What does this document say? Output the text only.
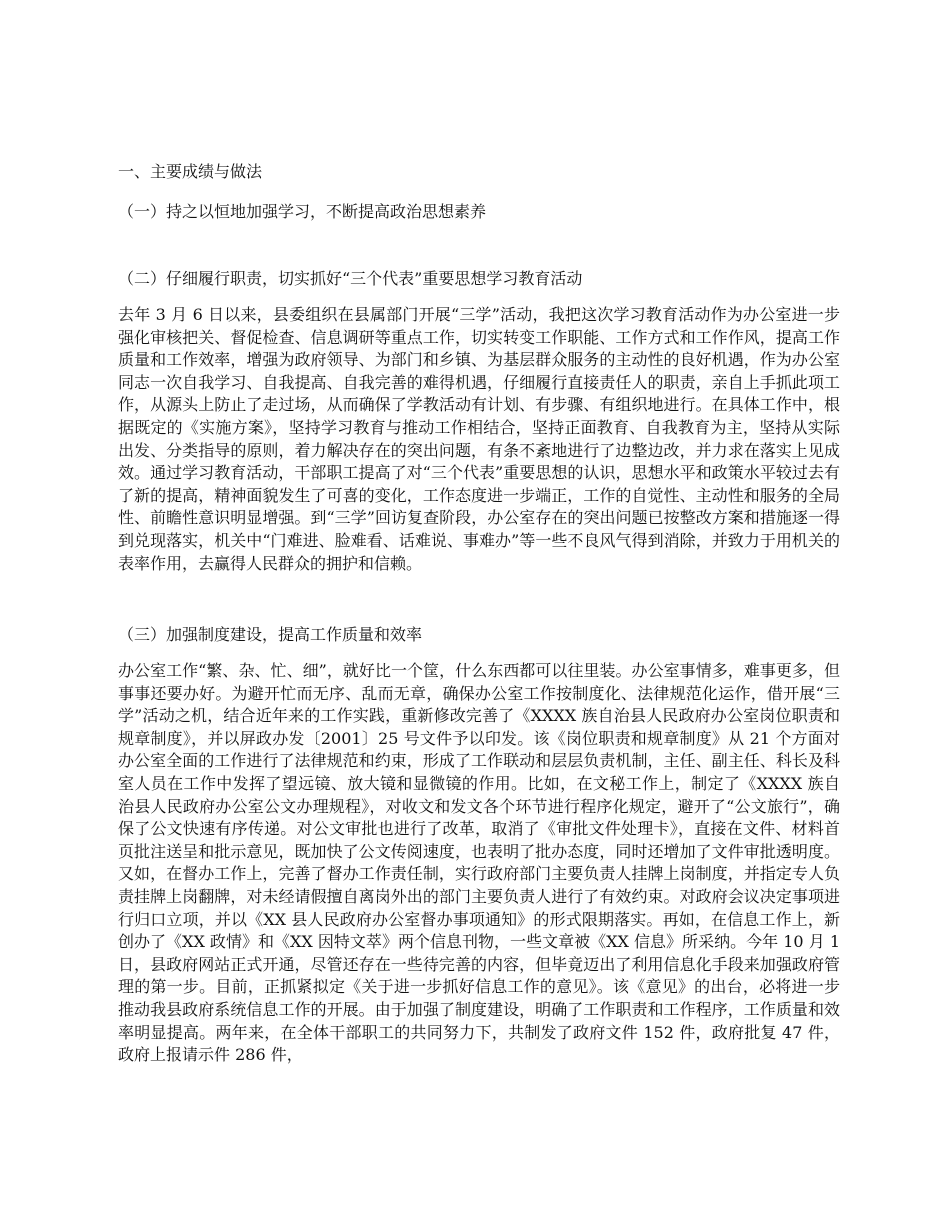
一、主要成绩与做法
（一）持之以恒地加强学习，不断提高政治思想素养
（二）仔细履行职责，切实抓好“三个代表”重要思想学习教育活动

去年 3 月 6 日以来，县委组织在县属部门开展“三学”活动，我把这次学习教育活动作为办公室进一步强化审核把关、督促检查、信息调研等重点工作，切实转变工作职能、工作方式和工作作风，提高工作质量和工作效率，增强为政府领导、为部门和乡镇、为基层群众服务的主动性的良好机遇，作为办公室同志一次自我学习、自我提高、自我完善的难得机遇，仔细履行直接责任人的职责，亲自上手抓此项工作，从源头上防止了走过场，从而确保了学教活动有计划、有步骤、有组织地进行。在具体工作中，根据既定的《实施方案》，坚持学习教育与推动工作相结合，坚持正面教育、自我教育为主，坚持从实际出发、分类指导的原则，着力解决存在的突出问题，有条不紊地进行了边整边改，并力求在落实上见成效。通过学习教育活动，干部职工提高了对“三个代表”重要思想的认识，思想水平和政策水平较过去有了新的提高，精神面貌发生了可喜的变化，工作态度进一步端正，工作的自觉性、主动性和服务的全局性、前瞻性意识明显增强。到“三学”回访复查阶段，办公室存在的突出问题已按整改方案和措施逐一得到兑现落实，机关中“门难进、脸难看、话难说、事难办”等一些不良风气得到消除，并致力于用机关的表率作用，去赢得人民群众的拥护和信赖。

（三）加强制度建设，提高工作质量和效率

办公室工作“繁、杂、忙、细”，就好比一个筐，什么东西都可以往里装。办公室事情多，难事更多，但事事还要办好。为避开忙而无序、乱而无章，确保办公室工作按制度化、法律规范化运作，借开展“三学”活动之机，结合近年来的工作实践，重新修改完善了《XXXX 族自治县人民政府办公室岗位职责和规章制度》，并以屏政办发〔2001〕25 号文件予以印发。该《岗位职责和规章制度》从 21 个方面对办公室全面的工作进行了法律规范和约束，形成了工作联动和层层负责机制，主任、副主任、科长及科室人员在工作中发挥了望远镜、放大镜和显微镜的作用。比如，在文秘工作上，制定了《XXXX 族自治县人民政府办公室公文办理规程》，对收文和发文各个环节进行程序化规定，避开了“公文旅行”，确保了公文快速有序传递。对公文审批也进行了改革，取消了《审批文件处理卡》，直接在文件、材料首页批注送呈和批示意见，既加快了公文传阅速度，也表明了批办态度，同时还增加了文件审批透明度。又如，在督办工作上，完善了督办工作责任制，实行政府部门主要负责人挂牌上岗制度，并指定专人负责挂牌上岗翻牌，对未经请假擅自离岗外出的部门主要负责人进行了有效约束。对政府会议决定事项进行归口立项，并以《XX 县人民政府办公室督办事项通知》的形式限期落实。再如，在信息工作上，新创办了《XX 政情》和《XX 因特文萃》两个信息刊物，一些文章被《XX 信息》所采纳。今年 10 月 1 日，县政府网站正式开通，尽管还存在一些待完善的内容，但毕竟迈出了利用信息化手段来加强政府管理的第一步。目前，正抓紧拟定《关于进一步抓好信息工作的意见》。该《意见》的出台，必将进一步推动我县政府系统信息工作的开展。由于加强了制度建设，明确了工作职责和工作程序，工作质量和效率明显提高。两年来，在全体干部职工的共同努力下，共制发了政府文件 152 件，政府批复 47 件，政府上报请示件 286 件，
